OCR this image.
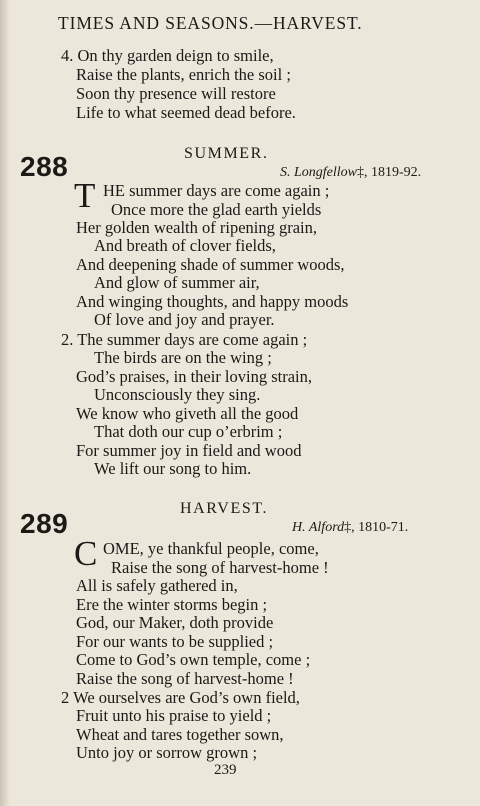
TIMES AND SEASONS.—HARVEST.
4. On thy garden deign to smile,
Raise the plants, enrich the soil ;
Soon thy presence will restore
Life to what seemed dead before.
288	SUMMER.
S. Longfellow‡, 1819-92.
T HE summer days are come again ;
Once more the glad earth yields
Her golden wealth of ripening grain,
And breath of clover fields,
And deepening shade of summer woods,
And glow of summer air,
And winging thoughts, and happy moods
Of love and joy and prayer.
2. The summer days are come again ;
The birds are on the wing ;
God’s praises, in their loving strain,
Unconsciously they sing.
We know who giveth all the good
That doth our cup o’erbrim ;
For summer joy in field and wood
We lift our song to him.
HARVEST.
289	H. Alford‡, 1810-71.
C OME, ye thankful people, come,
Raise the song of harvest-home !
All is safely gathered in,
Ere the winter storms begin ;
God, our Maker, doth provide
For our wants to be supplied ;
Come to God’s own temple, come ;
Raise the song of harvest-home !
2 We ourselves are God’s own field,
Fruit unto his praise to yield ;
Wheat and tares together sown,
Unto joy or sorrow grown ;
239
